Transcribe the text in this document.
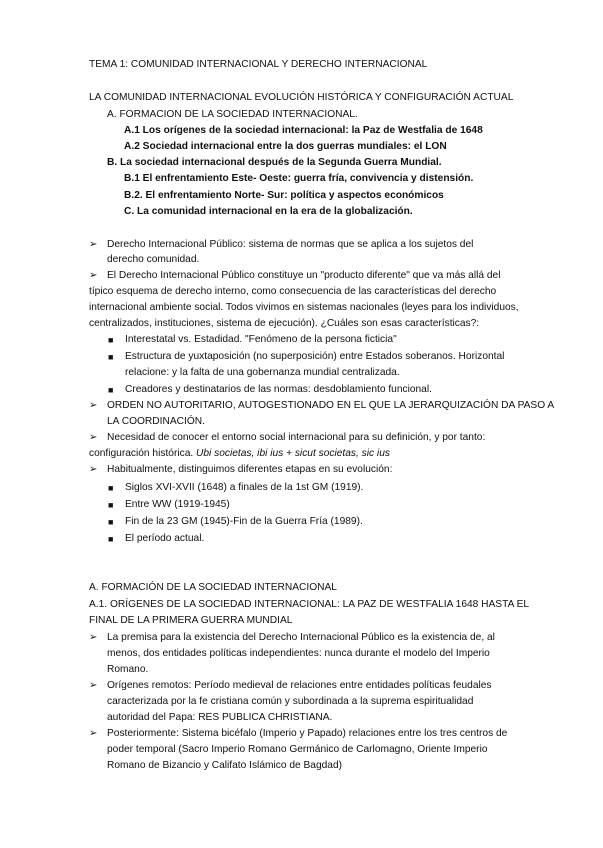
TEMA 1: COMUNIDAD INTERNACIONAL Y DERECHO INTERNACIONAL
LA COMUNIDAD INTERNACIONAL EVOLUCIÓN HISTÓRICA Y CONFIGURACIÓN ACTUAL
A. FORMACION DE LA SOCIEDAD INTERNACIONAL.
A.1 Los orígenes de la sociedad internacional: la Paz de Westfalia de 1648
A.2 Sociedad internacional entre la dos guerras mundiales: el LON
B. La sociedad internacional después de la Segunda Guerra Mundial.
B.1 El enfrentamiento Este- Oeste: guerra fría, convivencia y distensión.
B.2. El enfrentamiento Norte- Sur: política y aspectos económicos
C. La comunidad internacional en la era de la globalización.
➢ Derecho Internacional Público: sistema de normas que se aplica a los sujetos del
derecho comunidad.
➢ El Derecho Internacional Público constituye un "producto diferente" que va más allá del
típico esquema de derecho interno, como consecuencia de las características del derecho
internacional ambiente social. Todos vivimos en sistemas nacionales (leyes para los individuos,
centralizados, instituciones, sistema de ejecución). ¿Cuáles son esas características?:
■ Interestatal vs. Estadidad. "Fenómeno de la persona ficticia"
■ Estructura de yuxtaposición (no superposición) entre Estados soberanos. Horizontal
relacione: y la falta de una gobernanza mundial centralizada.
■ Creadores y destinatarios de las normas: desdoblamiento funcional.
➢ ORDEN NO AUTORITARIO, AUTOGESTIONADO EN EL QUE LA JERARQUIZACIÓN DA PASO A
LA COORDINACIÓN.
➢ Necesidad de conocer el entorno social internacional para su definición, y por tanto:
configuración histórica. Ubi societas, ibi ius + sicut societas, sic ius
➢ Habitualmente, distinguimos diferentes etapas en su evolución:
■ Siglos XVI-XVII (1648) a finales de la 1st GM (1919).
■ Entre WW (1919-1945)
■ Fin de la 23 GM (1945)-Fin de la Guerra Fría (1989).
■ El período actual.
A. FORMACIÓN DE LA SOCIEDAD INTERNACIONAL
A.1. ORÍGENES DE LA SOCIEDAD INTERNACIONAL: LA PAZ DE WESTFALIA 1648 HASTA EL
FINAL DE LA PRIMERA GUERRA MUNDIAL
➢ La premisa para la existencia del Derecho Internacional Público es la existencia de, al
menos, dos entidades políticas independientes: nunca durante el modelo del Imperio
Romano.
➢ Orígenes remotos: Período medieval de relaciones entre entidades políticas feudales
caracterizada por la fe cristiana común y subordinada a la suprema espiritualidad
autoridad del Papa: RES PUBLICA CHRISTIANA.
➢ Posteriormente: Sistema bicéfalo (Imperio y Papado) relaciones entre los tres centros de
poder temporal (Sacro Imperio Romano Germánico de Carlomagno, Oriente Imperio
Romano de Bizancio y Califato Islámico de Bagdad)
